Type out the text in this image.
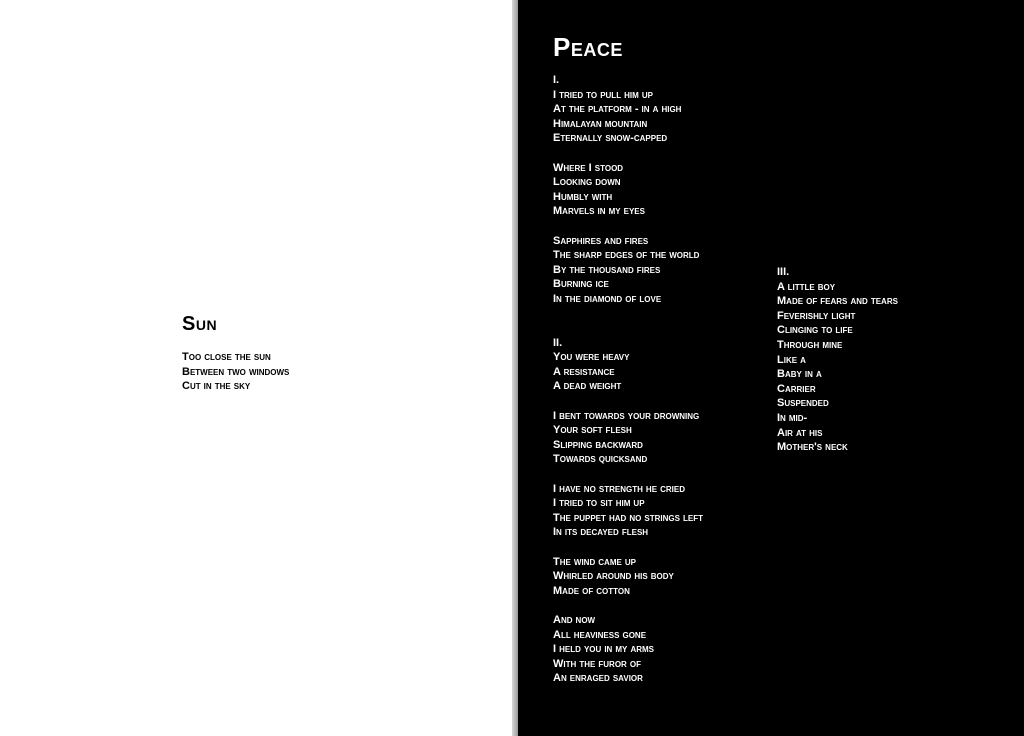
Sun
Too close the sun
Between two windows
Cut in the sky
Peace
I.
I tried to pull him up
At the platform - in a high
Himalayan mountain
Eternally snow-capped
Where I stood
Looking down
Humbly with
Marvels in my eyes
Sapphires and fires
The sharp edges of the world
By the thousand fires
Burning ice
In the diamond of love
II.
You were heavy
A resistance
A dead weight
I bent towards your drowning
Your soft flesh
Slipping backward
Towards quicksand
I have no strength he cried
I tried to sit him up
The puppet had no strings left
In its decayed flesh
The wind came up
Whirled around his body
Made of cotton
And now
All heaviness gone
I held you in my arms
With the furor of
An enraged savior
III.
A little boy
Made of fears and tears
Feverishly light
Clinging to life
Through mine
Like a
Baby in a
Carrier
Suspended
In mid-
Air at his
Mother's neck
